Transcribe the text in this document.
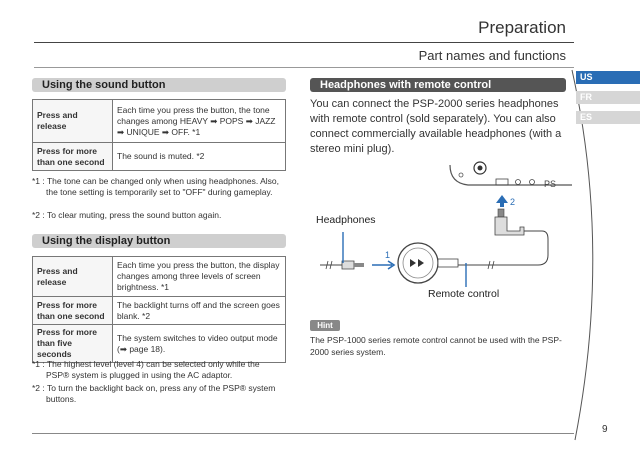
Preparation
Part names and functions
US
FR
ES
Using the sound button
Press and release	Each time you press the button, the tone changes among HEAVY ➡ POPS ➡ JAZZ ➡ UNIQUE ➡ OFF. *1
Press for more than one second	The sound is muted. *2
*1 : The tone can be changed only when using headphones. Also, the tone setting is temporarily set to "OFF" during gameplay.
*2 : To clear muting, press the sound button again.
Using the display button
Press and release	Each time you press the button, the display changes among three levels of screen brightness. *1
Press for more than one second	The backlight turns off and the screen goes blank. *2
Press for more than five seconds	The system switches to video output mode (➡ page 18).
*1 : The highest level (level 4) can be selected only while the PSP® system is plugged in using the AC adaptor.
*2 : To turn the backlight back on, press any of the PSP® system buttons.
Headphones with remote control
You can connect the PSP-2000 series headphones with remote control (sold separately). You can also connect commercially available headphones (with a stereo mini plug).
PS
2
1
Headphones
Remote control
Hint
The PSP-1000 series remote control cannot be used with the PSP-2000 series system.
9
